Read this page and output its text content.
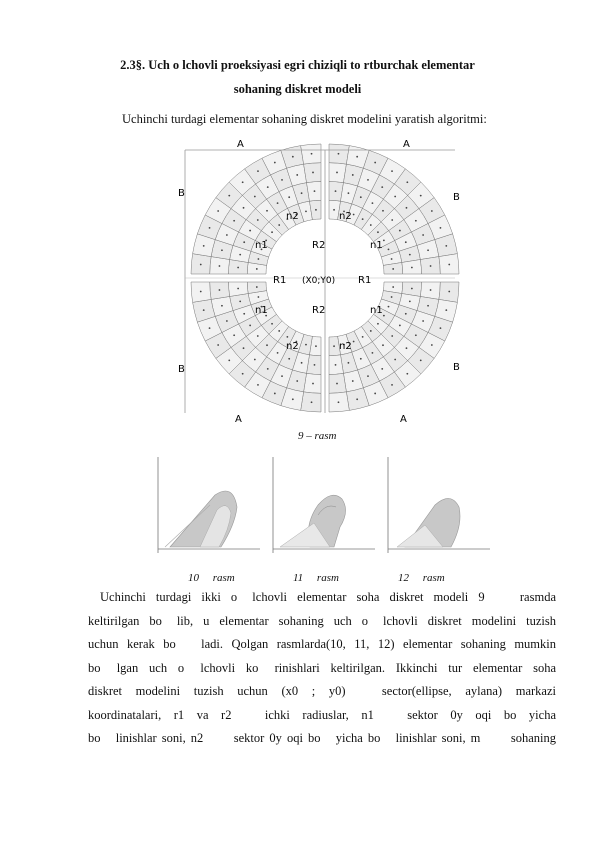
2.3§. Uch o lchovli proeksiyasi egri chiziqli to rtburchak elementar
sohaning diskret modeli
Uchinchi turdagi elementar sohaning diskret modelini yaratish algoritmi:
A	A
B	B
B	B
A	A
n2	n2
n1	R2	n1
R1 (X0;Y0) R1
n1	R2	n1
n2	n2
9 – rasm
10     rasm	11     rasm	12     rasm
Uchinchi  turdagi  ikki  o   lchovli  elementar  soha  diskret  modeli  9       rasmda
keltirilgan  bo   lib,  u  elementar  sohaning  uch  o   lchovli  diskret  modelini  tuzish
uchun kerak bo   ladi. Qolgan rasmlarda(10, 11, 12) elementar sohaning mumkin
bo   lgan  uch  o   lchovli  ko   rinishlari  keltirilgan.  Ikkinchi  tur  elementar  soha
diskret   modelini   tuzish   uchun   (x0   ;   y0)        sector(ellipse,   aylana)   markazi
koordinatalari,   r1   va   r2        ichki   radiuslar,   n1        sektor   0y   oqi   bo   yicha
bo   linishlar soni, n2      sektor 0y oqi bo   yicha bo   linishlar soni, m      sohaning
